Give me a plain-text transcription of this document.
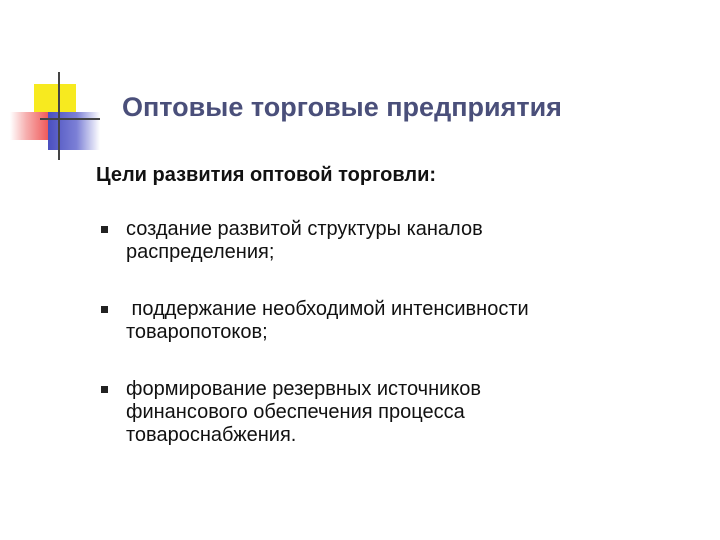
Оптовые торговые предприятия
Цели развития оптовой торговли:
создание развитой структуры каналов
распределения;
поддержание необходимой интенсивности
товаропотоков;
формирование резервных источников
финансового обеспечения процесса
товароснабжения.
